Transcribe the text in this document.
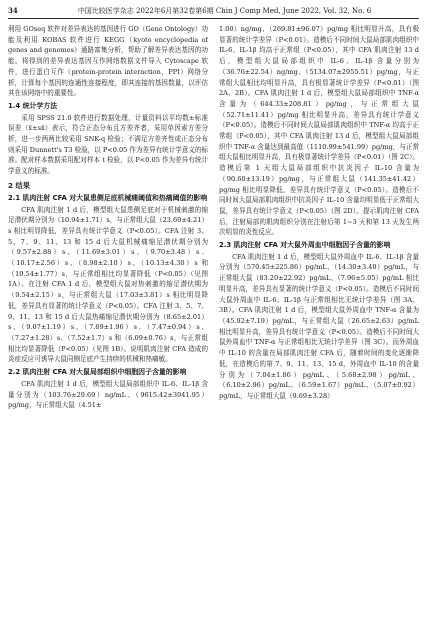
34	中国比较医学杂志 2022年6月第32卷第6期 Chin J Comp Med, June 2022, Vol. 32, No. 6

利用 GOseq 软件对差异表达的基因进行 GO（Gene Ontology）功能及利用 KOBAS 软件进行 KEGG（kyoto encyclopedia of genes and genomes）通路富集分析，帮助了解差异表达基因的功能。将得到的差异表达基因互作网络数据文件导入 Cytoscape 软件，进行蛋白互作（protein-protein interaction，PPI）网络分析，计算每个基因的连通性连接程度，即其连接的基因数量，以评估其在该网络中的重要性。

1.4 统计学方法

采用 SPSS 21.0 软件进行数据处理，计量资料以平均数±标准误差（x̄±sx̄）表示，符合正态分布且方差齐者，采用单因素方差分析，进一步两两比较采用 SNK-q 检验；不满足方差齐性或正态分布则采用 Dunnett's T3 检验，以 P<0.05 作为差异有统计学意义的标准。配对样本数据采用配对样本 t 检验，以 P<0.05 作为差异有统计学意义的标准。

2 结果
2.1 肌肉注射 CFA 对大鼠患侧足底机械痛阈值和热痛阈值的影响

CFA 肌肉注射 1 d 后，模型组大鼠患侧足底对于机械刺激的缩足潜伏期分别为（10.94±1.71）s，与正常组大鼠（23.69±4.21）s 相比明显降低，差异具有统计学意义（P<0.05）。CFA 注射 3、5、7、9、11、13 和 15 d 后大鼠机械痛缩足潜伏期分别为（9.57±2.88）s、（11.69±3.01）s、（9.70±3.48）s、（10.17±2.56）s、（8.98±2.10）s、（10.13±4.30）s 和（10.54±1.77）s，与正常组相比均显著降低（P<0.05）（见图 1A）。在注射 CFA 1 d 后，模型组大鼠对热刺激的缩足潜伏期为（9.54±2.15）s，与正常组大鼠（17.03±3.81）s 相比明显降低，差异具有显著的统计学意义（P<0.05）。CFA 注射 3、5、7、9、11、13 和 15 d 后大鼠热痛缩足潜伏期分别为（8.65±2.01）s、（9.07±1.19）s、（7.89±1.96）s、（7.47±0.94）s、（7.27±1.28）s、（7.52±1.7）s 和（6.09±0.76）s，与正常组相比均显著降低（P<0.05）（见图 1B）。说明肌肉注射 CFA 造成的炎症反应可诱导大鼠同侧足底产生持续的机械和热痛敏。

2.2 肌肉注射 CFA 对大鼠局部组织中细胞因子含量的影响

CFA 肌肉注射 1 d 后，模型组大鼠局部组织中 IL-6、IL-1β 含量分别为（103.76±29.69）ng/mL、（9615.42±3941.95）pg/mg，与正常组大鼠（4.51±

1.00）ng/mg、（269.81±96.07）pg/mg 相比明显升高，具有极显著的统计学差异（P<0.01）。造模后不同时间大鼠局部肌肉组织中 IL-6、IL-1β 均高于正常组（P<0.05），其中 CFA 肌肉注射 13 d 后，模型组大鼠局部组织中 IL-6、IL-1β 含量分别为（36.76±22.54）ng/mg、（5134.07±2955.51）pg/mg，与正常组大鼠相比均明显升高，具有极显著统计学差异（P<0.01）（图 2A、2B）。CFA 肌肉注射 1 d 后，模型组大鼠局部组织中 TNF-α 含量为（644.33±208.81）pg/mg，与正常组大鼠（52.71±11.41）pg/mg 相比明显升高，差异具有统计学意义（P<0.05）。造模后不同时间大鼠局部肌肉组织中 TNF-α 均高于正常组（P<0.05），其中 CFA 肌肉注射 13 d 后，模型组大鼠局部组织中 TNF-α 含量达到最高值（1110.99±541.99）pg/mg，与正常组大鼠相比明显升高，具有极显著统计学差异（P<0.01）（图 2C）。造模后第 1 天组大鼠局部组织中抗炎因子 IL-10 含量为（90.60±13.19）pg/mg，与正常组大鼠（141.35±41.42）pg/mg 相比明显降低，差异具有统计学意义（P<0.05）。造模后不同时间大鼠局部肌肉组织中抗炎因子 IL-10 含量均明显低于正常组大鼠，差异具有统计学意义（P<0.05）（图 2D）。提示肌肉注射 CFA 后，注射局部的肌肉组织分别在注射后第 1~3 天和第 13 天发生两次明显的炎性反应。

2.3 肌肉注射 CFA 对大鼠外周血中细胞因子含量的影响

CFA 肌肉注射 1 d 后，模型组大鼠外周血中 IL-6、IL-1β 含量分别为（570.45±225.86）pg/mL、（14.30±3.40）pg/mL，与正常组大鼠（83.20±22.92）pg/mL、（7.96±5.05）pg/mL 相比明显升高，差异具有显著的统计学意义（P<0.05）。造模后不同时间大鼠外周血中 IL-6、IL-1β 与正常组相比无统计学差异（图 3A、3B）。CFA 肌肉注射 1 d 后，模型组大鼠外周血中 TNF-α 含量为（45.92±7.19）pg/mL，与正常组大鼠（26.65±2.63）pg/mL 相比明显升高，差异具有统计学意义（P<0.05）。造模后不同时间大鼠外周血中 TNF-α 与正常组相比无统计学差异（图 3C）。而外周血中 IL-10 的含量在局部肌肉注射 CFA 后，随着时间的变化逐渐降低，在造模后的第 7、9、11、13、15 d，外周血中 IL-10 的含量分别为（7.04±1.86）pg/mL、（5.68±2.98）pg/mL、（6.10±2.96）pg/mL、（6.59±1.67）pg/mL、（5.07±0.92）pg/mL，与正常组大鼠（9.69±3.28）
